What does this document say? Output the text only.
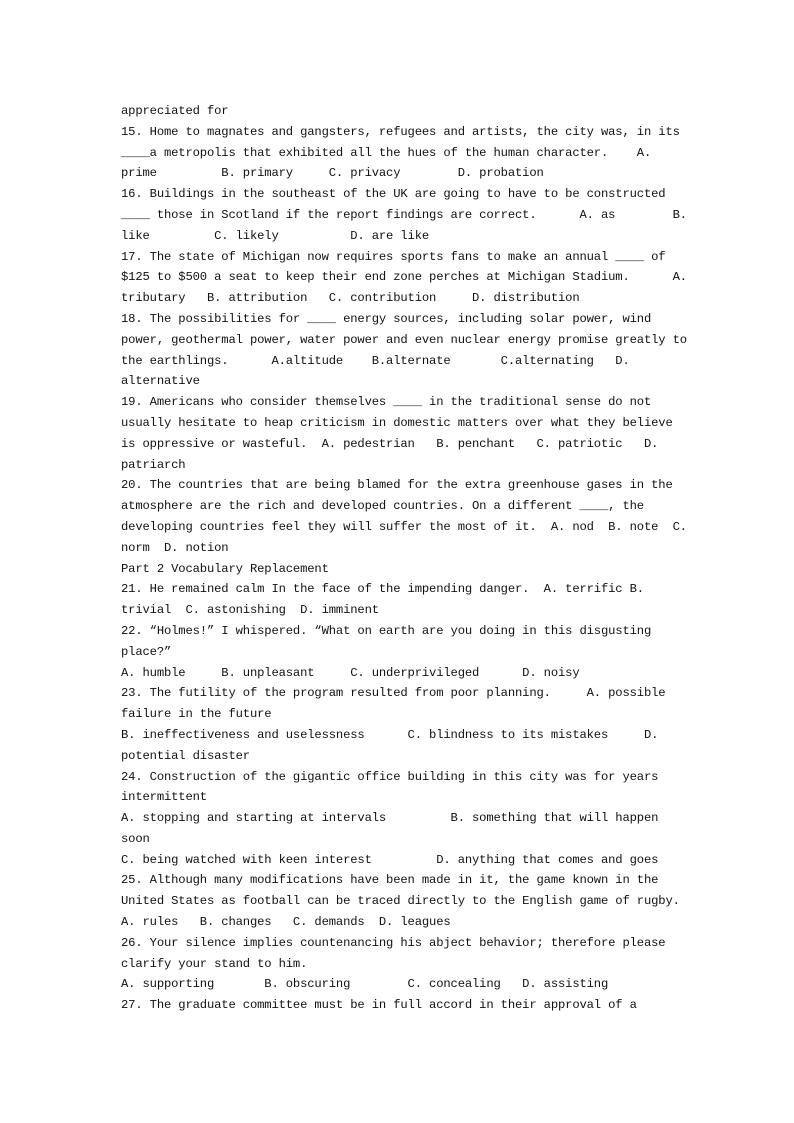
appreciated for
15. Home to magnates and gangsters, refugees and artists, the city was, in its
____a metropolis that exhibited all the hues of the human character.    A.
prime         B. primary     C. privacy        D. probation
16. Buildings in the southeast of the UK are going to have to be constructed
____ those in Scotland if the report findings are correct.      A. as        B.
like         C. likely          D. are like
17. The state of Michigan now requires sports fans to make an annual ____ of
$125 to $500 a seat to keep their end zone perches at Michigan Stadium.      A.
tributary   B. attribution   C. contribution     D. distribution
18. The possibilities for ____ energy sources, including solar power, wind
power, geothermal power, water power and even nuclear energy promise greatly to
the earthlings.      A.altitude    B.alternate       C.alternating   D.
alternative
19. Americans who consider themselves ____ in the traditional sense do not
usually hesitate to heap criticism in domestic matters over what they believe
is oppressive or wasteful.  A. pedestrian   B. penchant   C. patriotic   D.
patriarch
20. The countries that are being blamed for the extra greenhouse gases in the
atmosphere are the rich and developed countries. On a different ____, the
developing countries feel they will suffer the most of it.  A. nod  B. note  C.
norm  D. notion
Part 2 Vocabulary Replacement
21. He remained calm In the face of the impending danger.  A. terrific B.
trivial  C. astonishing  D. imminent
22. “Holmes!” I whispered. “What on earth are you doing in this disgusting
place?”
A. humble     B. unpleasant     C. underprivileged      D. noisy
23. The futility of the program resulted from poor planning.     A. possible
failure in the future
B. ineffectiveness and uselessness      C. blindness to its mistakes     D.
potential disaster
24. Construction of the gigantic office building in this city was for years
intermittent
A. stopping and starting at intervals         B. something that will happen
soon
C. being watched with keen interest         D. anything that comes and goes
25. Although many modifications have been made in it, the game known in the
United States as football can be traced directly to the English game of rugby.
A. rules   B. changes   C. demands  D. leagues
26. Your silence implies countenancing his abject behavior; therefore please
clarify your stand to him.
A. supporting       B. obscuring        C. concealing   D. assisting
27. The graduate committee must be in full accord in their approval of a
